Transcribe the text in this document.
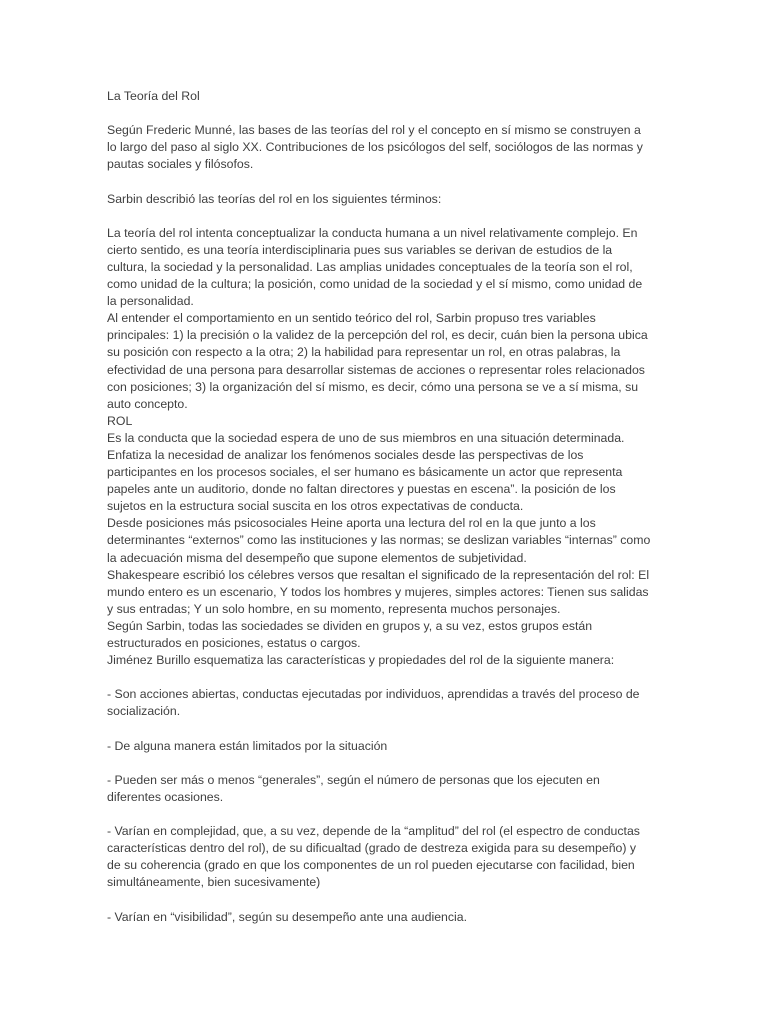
La Teoría del Rol

Según Frederic Munné, las bases de las teorías del rol y el concepto en sí mismo se construyen a
lo largo del paso al siglo XX. Contribuciones de los psicólogos del self, sociólogos de las normas y
pautas sociales y filósofos.

Sarbin describió las teorías del rol en los siguientes términos:

La teoría del rol intenta conceptualizar la conducta humana a un nivel relativamente complejo. En
cierto sentido, es una teoría interdisciplinaria pues sus variables se derivan de estudios de la
cultura, la sociedad y la personalidad. Las amplias unidades conceptuales de la teoría son el rol,
como unidad de la cultura; la posición, como unidad de la sociedad y el sí mismo, como unidad de
la personalidad.
Al entender el comportamiento en un sentido teórico del rol, Sarbin propuso tres variables
principales: 1) la precisión o la validez de la percepción del rol, es decir, cuán bien la persona ubica
su posición con respecto a la otra; 2) la habilidad para representar un rol, en otras palabras, la
efectividad de una persona para desarrollar sistemas de acciones o representar roles relacionados
con posiciones; 3) la organización del sí mismo, es decir, cómo una persona se ve a sí misma, su
auto concepto.
ROL
Es la conducta que la sociedad espera de uno de sus miembros en una situación determinada.
Enfatiza la necesidad de analizar los fenómenos sociales desde las perspectivas de los
participantes en los procesos sociales, el ser humano es básicamente un actor que representa
papeles ante un auditorio, donde no faltan directores y puestas en escena”. la posición de los
sujetos en la estructura social suscita en los otros expectativas de conducta.
Desde posiciones más psicosociales Heine aporta una lectura del rol en la que junto a los
determinantes “externos” como las instituciones y las normas; se deslizan variables “internas” como
la adecuación misma del desempeño que supone elementos de subjetividad.
Shakespeare escribió los célebres versos que resaltan el significado de la representación del rol: El
mundo entero es un escenario, Y todos los hombres y mujeres, simples actores: Tienen sus salidas
y sus entradas; Y un solo hombre, en su momento, representa muchos personajes.
Según Sarbin, todas las sociedades se dividen en grupos y, a su vez, estos grupos están
estructurados en posiciones, estatus o cargos.
Jiménez Burillo esquematiza las características y propiedades del rol de la siguiente manera:

- Son acciones abiertas, conductas ejecutadas por individuos, aprendidas a través del proceso de
socialización.

- De alguna manera están limitados por la situación

- Pueden ser más o menos “generales”, según el número de personas que los ejecuten en
diferentes ocasiones.

- Varían en complejidad, que, a su vez, depende de la “amplitud” del rol (el espectro de conductas
características dentro del rol), de su dificualtad (grado de destreza exigida para su desempeño) y
de su coherencia (grado en que los componentes de un rol pueden ejecutarse con facilidad, bien
simultáneamente, bien sucesivamente)

- Varían en “visibilidad”, según su desempeño ante una audiencia.
